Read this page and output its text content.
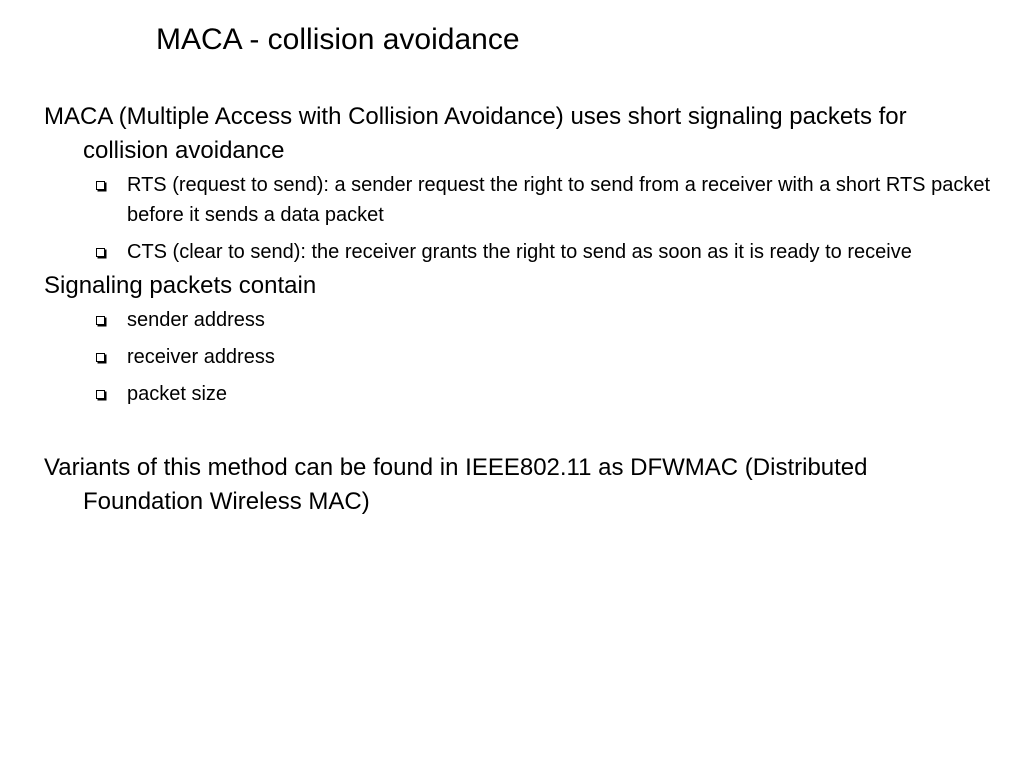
MACA - collision avoidance
MACA (Multiple Access with Collision Avoidance) uses short signaling packets for collision avoidance
RTS (request to send): a sender request the right to send from a receiver with a short RTS packet before it sends a data packet
CTS (clear to send): the receiver grants the right to send as soon as it is ready to receive
Signaling packets contain
sender address
receiver address
packet size
Variants of this method can be found in IEEE802.11 as DFWMAC (Distributed Foundation Wireless MAC)
